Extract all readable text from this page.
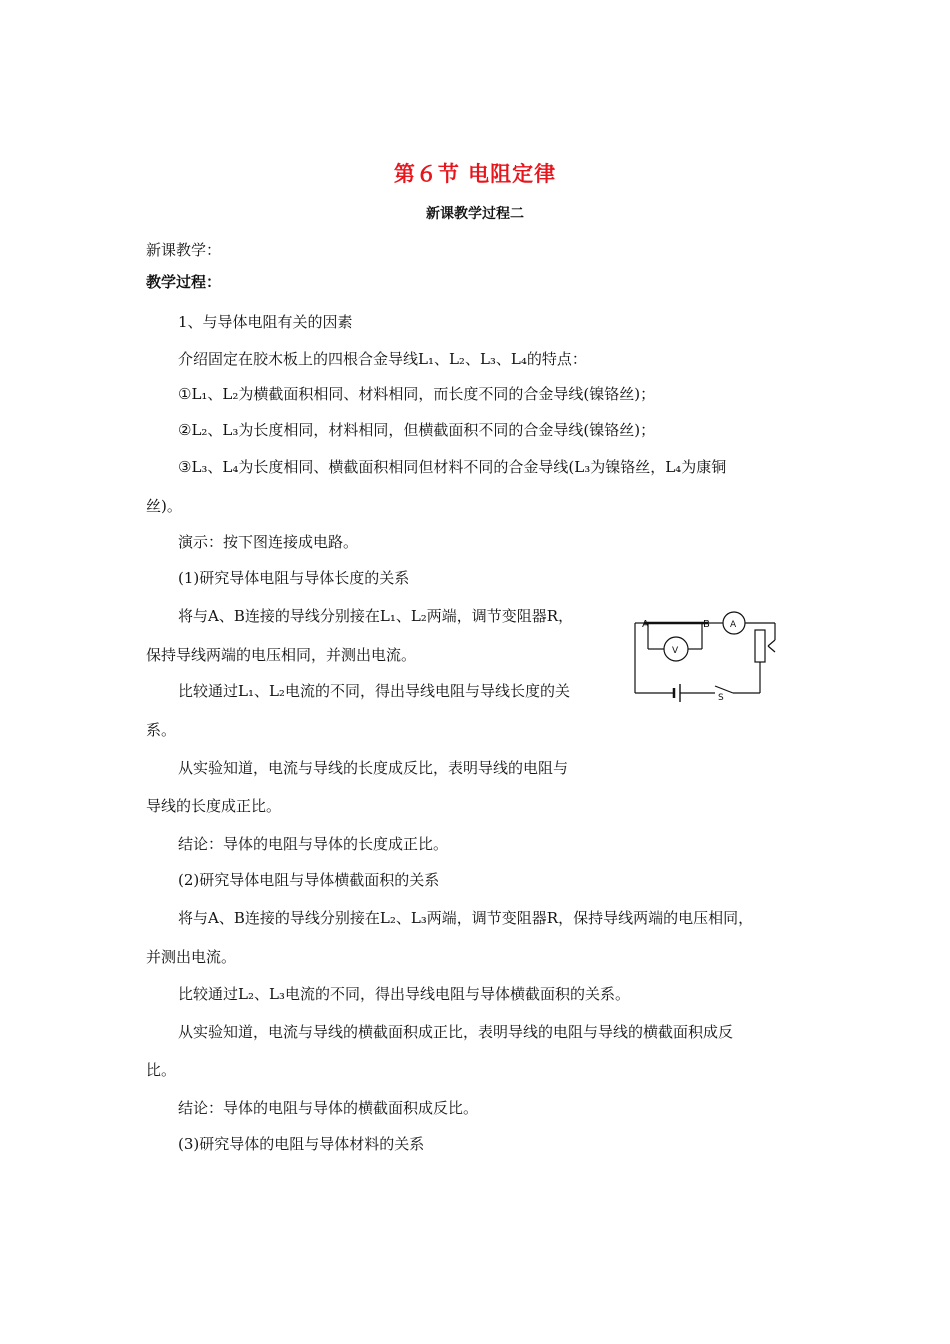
第６节 电阻定律
新课教学过程二
新课教学：
教学过程：
1、与导体电阻有关的因素
介绍固定在胶木板上的四根合金导线L₁、L₂、L₃、L₄的特点：
①L₁、L₂为横截面积相同、材料相同，而长度不同的合金导线(镍铬丝)；
②L₂、L₃为长度相同，材料相同，但横截面积不同的合金导线(镍铬丝)；
③L₃、L₄为长度相同、横截面积相同但材料不同的合金导线(L₃为镍铬丝，L₄为康铜
丝)。
演示：按下图连接成电路。
(1)研究导体电阻与导体长度的关系
将与A、B连接的导线分别接在L₁、L₂两端，调节变阻器R，
保持导线两端的电压相同，并测出电流。
比较通过L₁、L₂电流的不同，得出导线电阻与导线长度的关
系。
从实验知道，电流与导线的长度成反比，表明导线的电阻与
导线的长度成正比。
结论：导体的电阻与导体的长度成正比。
(2)研究导体电阻与导体横截面积的关系
将与A、B连接的导线分别接在L₂、L₃两端，调节变阻器R，保持导线两端的电压相同，
并测出电流。
比较通过L₂、L₃电流的不同，得出导线电阻与导体横截面积的关系。
从实验知道，电流与导线的横截面积成正比，表明导线的电阻与导线的横截面积成反
比。
结论：导体的电阻与导体的横截面积成反比。
(3)研究导体的电阻与导体材料的关系
A	B A
V
S
